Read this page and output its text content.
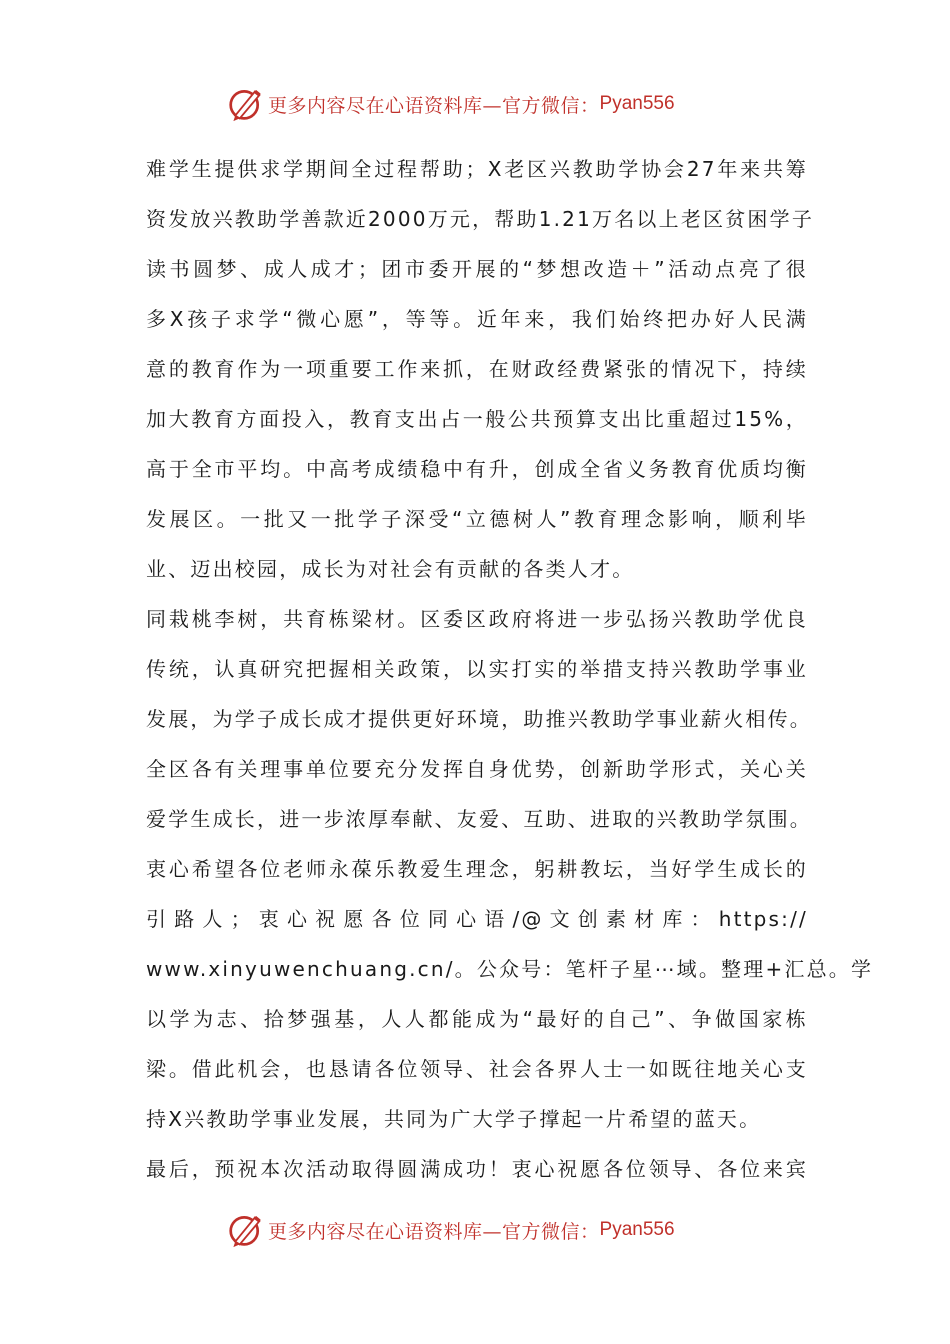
更多内容尽在心语资料库—官方微信： Pyan556
难学生提供求学期间全过程帮助；X老区兴教助学协会27年来共筹
资发放兴教助学善款近2000万元，帮助1.21万名以上老区贫困学子
读书圆梦、成人成才；团市委开展的“梦想改造＋”活动点亮了很
多X孩子求学“微心愿”，等等。近年来，我们始终把办好人民满
意的教育作为一项重要工作来抓，在财政经费紧张的情况下，持续
加大教育方面投入，教育支出占一般公共预算支出比重超过15%，
高于全市平均。中高考成绩稳中有升，创成全省义务教育优质均衡
发展区。一批又一批学子深受“立德树人”教育理念影响，顺利毕
业、迈出校园，成长为对社会有贡献的各类人才。
同栽桃李树，共育栋梁材。区委区政府将进一步弘扬兴教助学优良
传统，认真研究把握相关政策，以实打实的举措支持兴教助学事业
发展，为学子成长成才提供更好环境，助推兴教助学事业薪火相传。
全区各有关理事单位要充分发挥自身优势，创新助学形式，关心关
爱学生成长，进一步浓厚奉献、友爱、互助、进取的兴教助学氛围。
衷心希望各位老师永葆乐教爱生理念，躬耕教坛，当好学生成长的
引路人；衷心祝愿各位同心语/@文创素材库：https://
www.xinyuwenchuang.cn/。公众号：笔杆子星⋯域。整理+汇总。学
以学为志、拾梦强基，人人都能成为“最好的自己”、争做国家栋
梁。借此机会，也恳请各位领导、社会各界人士一如既往地关心支
持X兴教助学事业发展，共同为广大学子撑起一片希望的蓝天。
最后，预祝本次活动取得圆满成功！衷心祝愿各位领导、各位来宾
更多内容尽在心语资料库—官方微信： Pyan556
